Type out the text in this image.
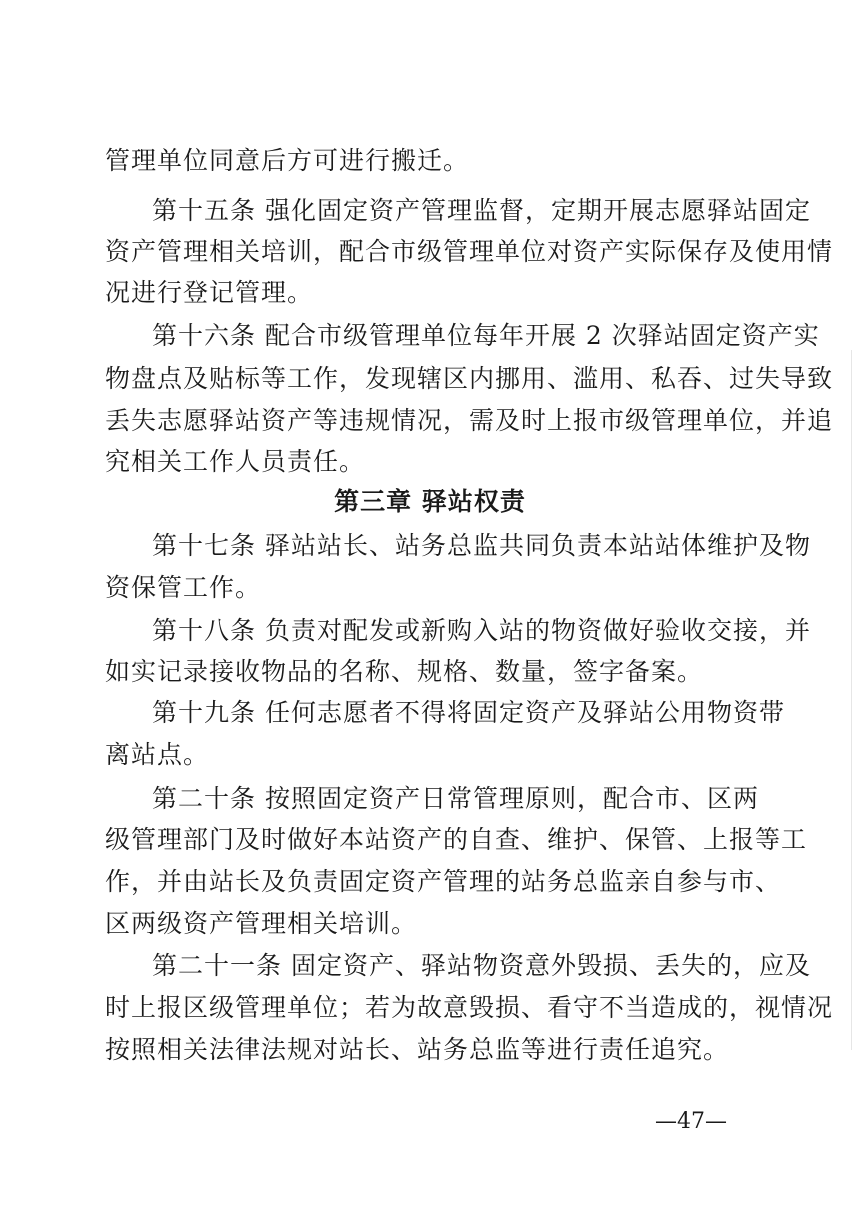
管理单位同意后方可进行搬迁。
第十五条 强化固定资产管理监督，定期开展志愿驿站固定
资产管理相关培训，配合市级管理单位对资产实际保存及使用情
况进行登记管理。
第十六条 配合市级管理单位每年开展 2 次驿站固定资产实
物盘点及贴标等工作，发现辖区内挪用、滥用、私吞、过失导致
丢失志愿驿站资产等违规情况，需及时上报市级管理单位，并追
究相关工作人员责任。
第三章 驿站权责
第十七条 驿站站长、站务总监共同负责本站站体维护及物
资保管工作。
第十八条 负责对配发或新购入站的物资做好验收交接，并
如实记录接收物品的名称、规格、数量，签字备案。
第十九条 任何志愿者不得将固定资产及驿站公用物资带
离站点。
第二十条 按照固定资产日常管理原则，配合市、区两
级管理部门及时做好本站资产的自查、维护、保管、上报等工
作，并由站长及负责固定资产管理的站务总监亲自参与市、
区两级资产管理相关培训。
第二十一条 固定资产、驿站物资意外毁损、丢失的，应及
时上报区级管理单位；若为故意毁损、看守不当造成的，视情况
按照相关法律法规对站长、站务总监等进行责任追究。
—47—
